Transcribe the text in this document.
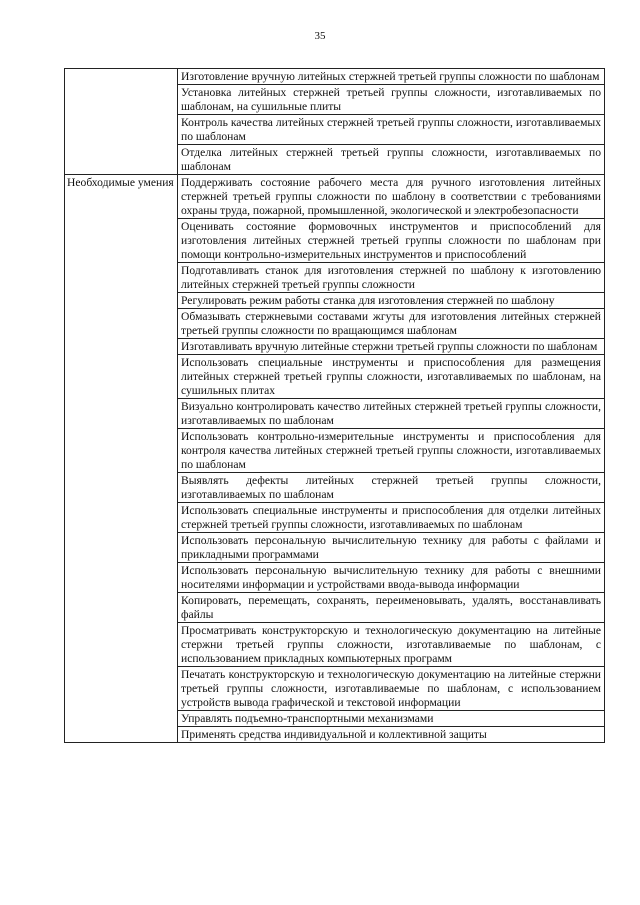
35
	Изготовление вручную литейных стержней третьей группы сложности по шаблонам
	Установка литейных стержней третьей группы сложности, изготавливаемых по шаблонам, на сушильные плиты
	Контроль качества литейных стержней третьей группы сложности, изготавливаемых по шаблонам
	Отделка литейных стержней третьей группы сложности, изготавливаемых по шаблонам
Необходимые умения	Поддерживать состояние рабочего места для ручного изготовления литейных стержней третьей группы сложности по шаблону в соответствии с требованиями охраны труда, пожарной, промышленной, экологической и электробезопасности
	Оценивать состояние формовочных инструментов и приспособлений для изготовления литейных стержней третьей группы сложности по шаблонам при помощи контрольно-измерительных инструментов и приспособлений
	Подготавливать станок для изготовления стержней по шаблону к изготовлению литейных стержней третьей группы сложности
	Регулировать режим работы станка для изготовления стержней по шаблону
	Обмазывать стержневыми составами жгуты для изготовления литейных стержней третьей группы сложности по вращающимся шаблонам
	Изготавливать вручную литейные стержни третьей группы сложности по шаблонам
	Использовать специальные инструменты и приспособления для размещения литейных стержней третьей группы сложности, изготавливаемых по шаблонам, на сушильных плитах
	Визуально контролировать качество литейных стержней третьей группы сложности, изготавливаемых по шаблонам
	Использовать контрольно-измерительные инструменты и приспособления для контроля качества литейных стержней третьей группы сложности, изготавливаемых по шаблонам
	Выявлять дефекты литейных стержней третьей группы сложности, изготавливаемых по шаблонам
	Использовать специальные инструменты и приспособления для отделки литейных стержней третьей группы сложности, изготавливаемых по шаблонам
	Использовать персональную вычислительную технику для работы с файлами и прикладными программами
	Использовать персональную вычислительную технику для работы с внешними носителями информации и устройствами ввода-вывода информации
	Копировать, перемещать, сохранять, переименовывать, удалять, восстанавливать файлы
	Просматривать конструкторскую и технологическую документацию на литейные стержни третьей группы сложности, изготавливаемые по шаблонам, с использованием прикладных компьютерных программ
	Печатать конструкторскую и технологическую документацию на литейные стержни третьей группы сложности, изготавливаемые по шаблонам, с использованием устройств вывода графической и текстовой информации
	Управлять подъемно-транспортными механизмами
	Применять средства индивидуальной и коллективной защиты
